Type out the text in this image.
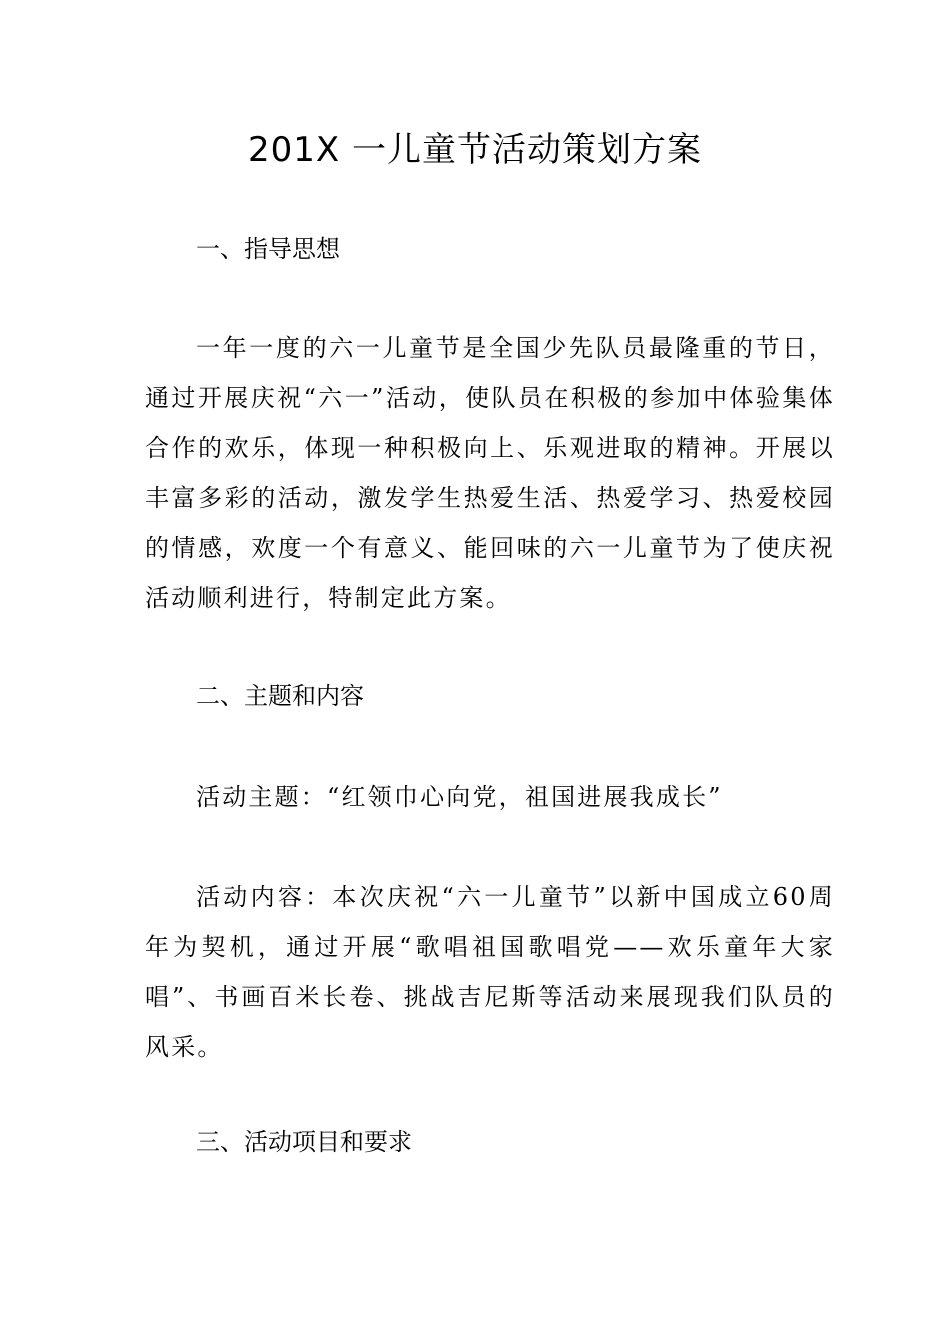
201X 一儿童节活动策划方案
一、指导思想

一年一度的六一儿童节是全国少先队员最隆重的节日，通过开展庆祝“六一”活动，使队员在积极的参加中体验集体合作的欢乐，体现一种积极向上、乐观进取的精神。开展以丰富多彩的活动，激发学生热爱生活、热爱学习、热爱校园的情感，欢度一个有意义、能回味的六一儿童节为了使庆祝活动顺利进行，特制定此方案。

二、主题和内容

活动主题：“红领巾心向党，祖国进展我成长”

活动内容：本次庆祝“六一儿童节”以新中国成立60周年为契机，通过开展“歌唱祖国歌唱党——欢乐童年大家唱”、书画百米长卷、挑战吉尼斯等活动来展现我们队员的风采。

三、活动项目和要求
